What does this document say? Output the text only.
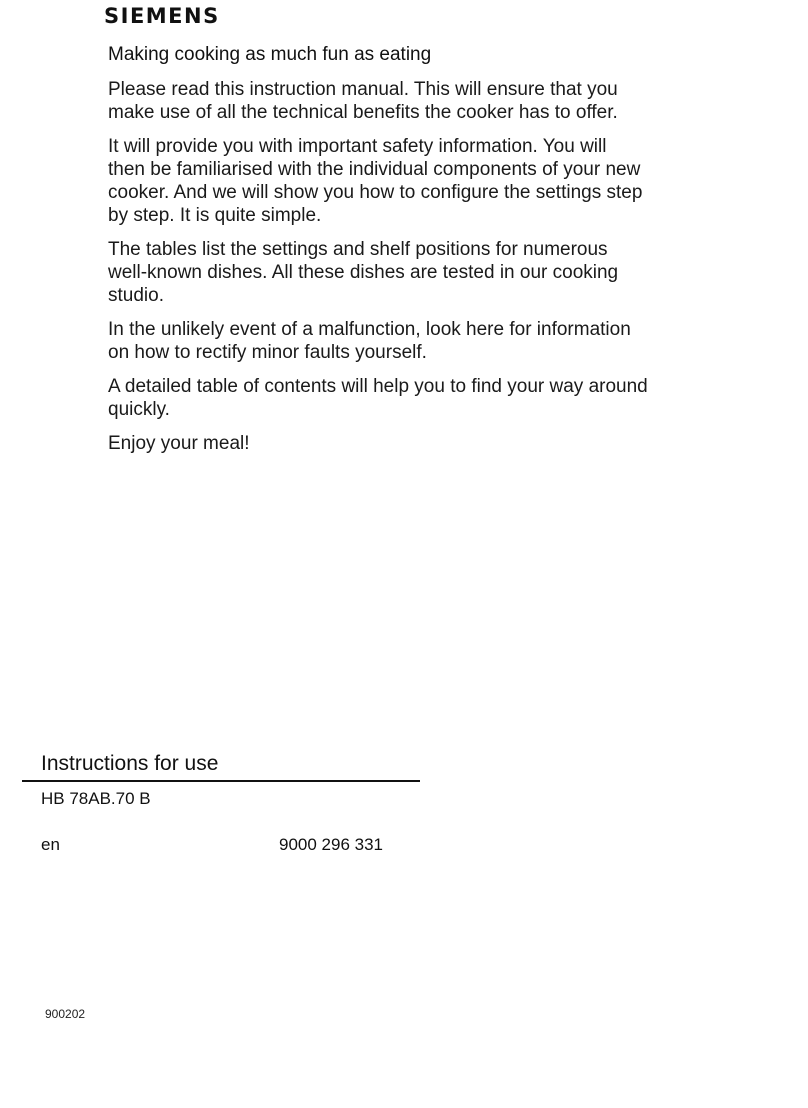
SIEMENS
Making cooking as much fun as eating

Please read this instruction manual. This will ensure that you make use of all the technical benefits the cooker has to offer.

It will provide you with important safety information. You will then be familiarised with the individual components of your new cooker. And we will show you how to configure the settings step by step. It is quite simple.

The tables list the settings and shelf positions for numerous well-known dishes. All these dishes are tested in our cooking studio.

In the unlikely event of a malfunction, look here for information on how to rectify minor faults yourself.

A detailed table of contents will help you to find your way around quickly.

Enjoy your meal!

Instructions for use
HB 78AB.70 B
en	9000 296 331
900202
